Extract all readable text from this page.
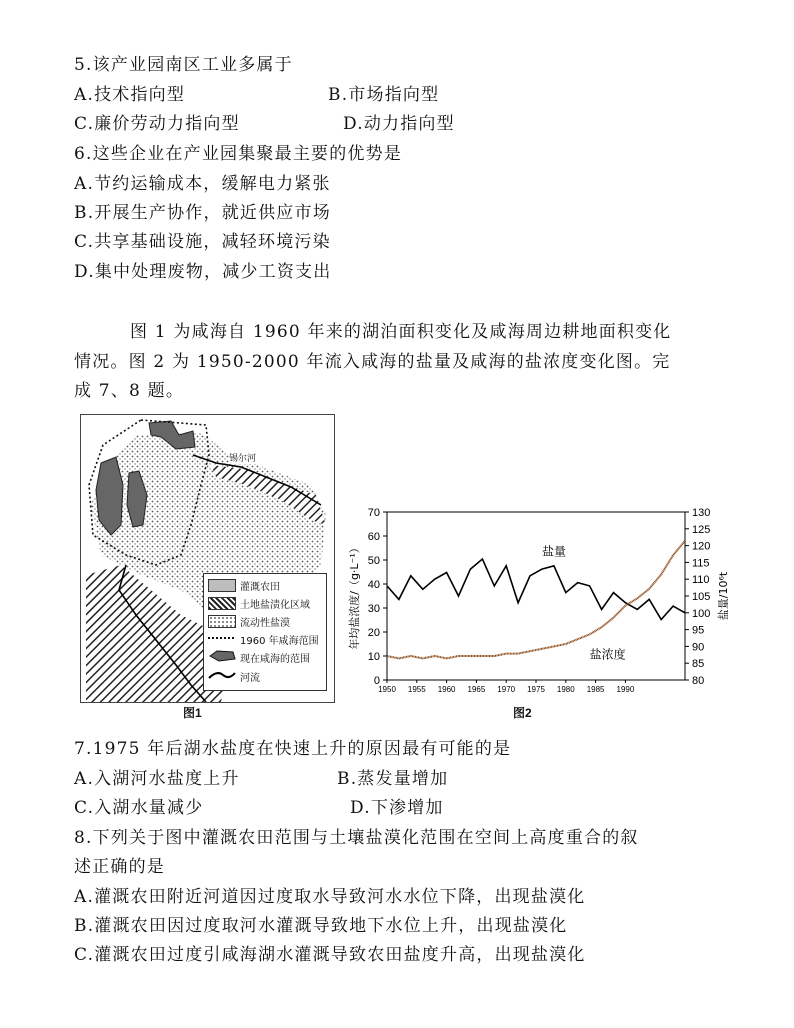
5.该产业园南区工业多属于
A.技术指向型	B.市场指向型
C.廉价劳动力指向型	D.动力指向型
6.这些企业在产业园集聚最主要的优势是
A.节约运输成本，缓解电力紧张
B.开展生产协作，就近供应市场
C.共享基础设施，减轻环境污染
D.集中处理废物，减少工资支出
图 1 为咸海自 1960 年来的湖泊面积变化及咸海周边耕地面积变化
情况。图 2 为 1950-2000 年流入咸海的盐量及咸海的盐浓度变化图。完
成 7、8 题。
锡尔河
灌溉农田
土地盐渍化区域
流动性盐漠
1960 年咸海范围
现在咸海的范围
河流
图1
0
10
20
30
40
50
60
70
80
85
90
95
100
105
110
115
120
125
130
1950 1955 1960 1965 1970 1975 1980 1985 1990
年均盐浓度/（g·L⁻¹）	盐量/10⁶t
盐量
盐浓度
图2
7.1975 年后湖水盐度在快速上升的原因最有可能的是
A.入湖河水盐度上升	B.蒸发量增加
C.入湖水量减少	D.下渗增加
8.下列关于图中灌溉农田范围与土壤盐漠化范围在空间上高度重合的叙
述正确的是
A.灌溉农田附近河道因过度取水导致河水水位下降，出现盐漠化
B.灌溉农田因过度取河水灌溉导致地下水位上升，出现盐漠化
C.灌溉农田过度引咸海湖水灌溉导致农田盐度升高，出现盐漠化
